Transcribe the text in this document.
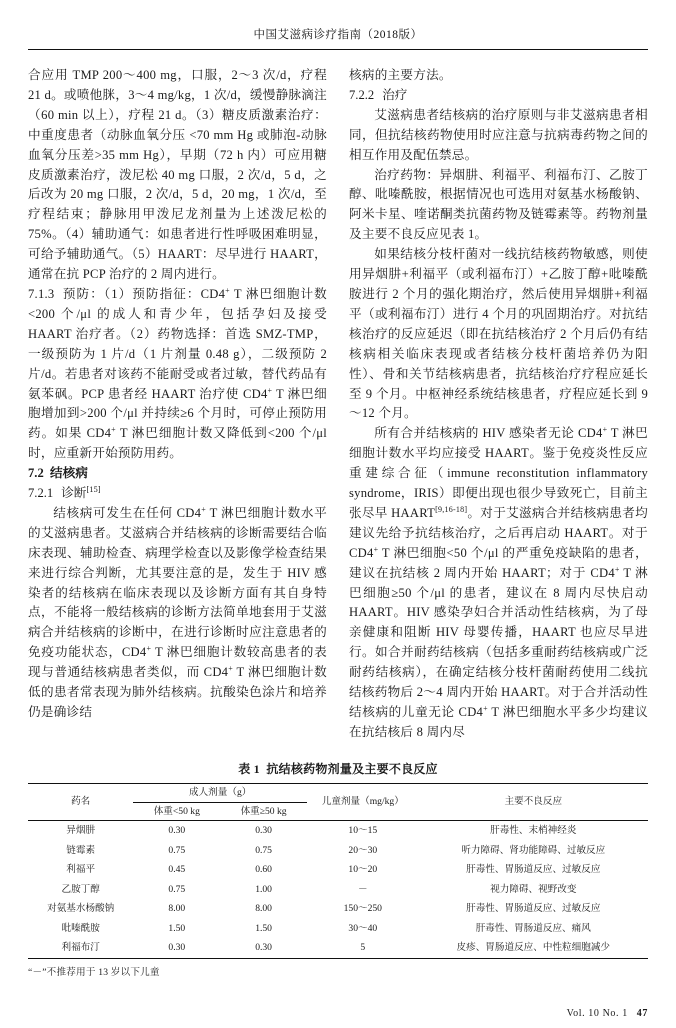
中国艾滋病诊疗指南（2018版）

合应用 TMP 200～400 mg，口服，2～3 次/d，疗程 21 d。或喷他脒，3～4 mg/kg，1 次/d，缓慢静脉滴注（60 min 以上），疗程 21 d。（3）糖皮质激素治疗：中重度患者（动脉血氧分压 <70 mm Hg 或肺泡-动脉血氧分压差>35 mm Hg），早期（72 h 内）可应用糖皮质激素治疗，泼尼松 40 mg 口服，2 次/d，5 d，之后改为 20 mg 口服，2 次/d，5 d，20 mg，1 次/d，至疗程结束；静脉用甲泼尼龙剂量为上述泼尼松的 75%。（4）辅助通气：如患者进行性呼吸困难明显，可给予辅助通气。（5）HAART：尽早进行 HAART，通常在抗 PCP 治疗的 2 周内进行。

7.1.3 预防：（1）预防指征：CD4+ T 淋巴细胞计数<200 个/μl 的成人和青少年，包括孕妇及接受 HAART 治疗者。（2）药物选择：首选 SMZ-TMP，一级预防为 1 片/d（1 片剂量 0.48 g），二级预防 2 片/d。若患者对该药不能耐受或者过敏，替代药品有氨苯砜。PCP 患者经 HAART 治疗使 CD4+ T 淋巴细胞增加到>200 个/μl 并持续≥6 个月时，可停止预防用药。如果 CD4+ T 淋巴细胞计数又降低到<200 个/μl 时，应重新开始预防用药。

7.2 结核病

7.2.1 诊断[15]

结核病可发生在任何 CD4+ T 淋巴细胞计数水平的艾滋病患者。艾滋病合并结核病的诊断需要结合临床表现、辅助检查、病理学检查以及影像学检查结果来进行综合判断，尤其要注意的是，发生于 HIV 感染者的结核病在临床表现以及诊断方面有其自身特点，不能将一般结核病的诊断方法简单地套用于艾滋病合并结核病的诊断中，在进行诊断时应注意患者的免疫功能状态，CD4+ T 淋巴细胞计数较高患者的表现与普通结核病患者类似，而 CD4+ T 淋巴细胞计数低的患者常表现为肺外结核病。抗酸染色涂片和培养仍是确诊结

核病的主要方法。

7.2.2 治疗

艾滋病患者结核病的治疗原则与非艾滋病患者相同，但抗结核药物使用时应注意与抗病毒药物之间的相互作用及配伍禁忌。

治疗药物：异烟肼、利福平、利福布汀、乙胺丁醇、吡嗪酰胺，根据情况也可选用对氨基水杨酸钠、阿米卡星、喹诺酮类抗菌药物及链霉素等。药物剂量及主要不良反应见表 1。

如果结核分枝杆菌对一线抗结核药物敏感，则使用异烟肼+利福平（或利福布汀）+乙胺丁醇+吡嗪酰胺进行 2 个月的强化期治疗，然后使用异烟肼+利福平（或利福布汀）进行 4 个月的巩固期治疗。对抗结核治疗的反应延迟（即在抗结核治疗 2 个月后仍有结核病相关临床表现或者结核分枝杆菌培养仍为阳性）、骨和关节结核病患者，抗结核治疗疗程应延长至 9 个月。中枢神经系统结核患者，疗程应延长到 9～12 个月。

所有合并结核病的 HIV 感染者无论 CD4+ T 淋巴细胞计数水平均应接受 HAART。鉴于免疫炎性反应重建综合征（immune reconstitution inflammatory syndrome，IRIS）即便出现也很少导致死亡，目前主张尽早 HAART[9,16-18]。对于艾滋病合并结核病患者均建议先给予抗结核治疗，之后再启动 HAART。对于 CD4+ T 淋巴细胞<50 个/μl 的严重免疫缺陷的患者，建议在抗结核 2 周内开始 HAART；对于 CD4+ T 淋巴细胞≥50 个/μl 的患者，建议在 8 周内尽快启动 HAART。HIV 感染孕妇合并活动性结核病，为了母亲健康和阻断 HIV 母婴传播，HAART 也应尽早进行。如合并耐药结核病（包括多重耐药结核病或广泛耐药结核病），在确定结核分枝杆菌耐药使用二线抗结核药物后 2～4 周内开始 HAART。对于合并活动性结核病的儿童无论 CD4+ T 淋巴细胞水平多少均建议在抗结核后 8 周内尽

表 1 抗结核药物剂量及主要不良反应
药名	成人剂量（g）		儿童剂量（mg/kg）	主要不良反应
	体重<50 kg	体重≥50 kg		
异烟肼	0.30	0.30	10～15	肝毒性、末梢神经炎
链霉素	0.75	0.75	20～30	听力障碍、肾功能障碍、过敏反应
利福平	0.45	0.60	10～20	肝毒性、胃肠道反应、过敏反应
乙胺丁醇	0.75	1.00	－	视力障碍、视野改变
对氨基水杨酸钠	8.00	8.00	150～250	肝毒性、胃肠道反应、过敏反应
吡嗪酰胺	1.50	1.50	30～40	肝毒性、胃肠道反应、痛风
利福布汀	0.30	0.30	5	皮疹、胃肠道反应、中性粒细胞减少
“－”不推荐用于 13 岁以下儿童
Vol. 10 No. 1 47
